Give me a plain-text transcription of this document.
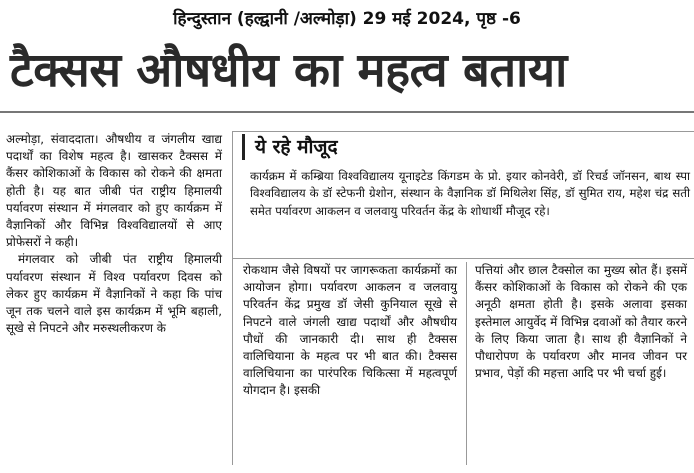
हिन्दुस्तान (हल्द्वानी /अल्मोड़ा) 29 मई 2024, पृष्ठ -6
टैक्सस औषधीय का महत्व बताया

अल्मोड़ा, संवाददाता। औषधीय व जंगलीय खाद्य पदार्थों का विशेष महत्व है। खासकर टैक्सस में कैंसर कोशिकाओं के विकास को रोकने की क्षमता होती है। यह बात जीबी पंत राष्ट्रीय हिमालयी पर्यावरण संस्थान में मंगलवार को हुए कार्यक्रम में वैज्ञानिकों और विभिन्न विश्वविद्यालयों से आए प्रोफेसरों ने कही।

मंगलवार को जीबी पंत राष्ट्रीय हिमालयी पर्यावरण संस्थान में विश्व पर्यावरण दिवस को लेकर हुए कार्यक्रम में वैज्ञानिकों ने कहा कि पांच जून तक चलने वाले इस कार्यक्रम में भूमि बहाली, सूखे से निपटने और मरुस्थलीकरण के

ये रहे मौजूद
कार्यक्रम में कम्ब्रिया विश्वविद्यालय यूनाइटेड किंगडम के प्रो. इयार कोनवेरी, डॉ रिचर्ड जॉनसन, बाथ स्पा विश्वविद्यालय के डॉ स्टेफनी ग्रेशोन, संस्थान के वैज्ञानिक डॉ मिथिलेश सिंह, डॉ सुमित राय, महेश चंद्र सती समेत पर्यावरण आकलन व जलवायु परिवर्तन केंद्र के शोधार्थी मौजूद रहे।

रोकथाम जैसे विषयों पर जागरूकता कार्यक्रमों का आयोजन होगा। पर्यावरण आकलन व जलवायु परिवर्तन केंद्र प्रमुख डॉ जेसी कुनियाल सूखे से निपटने वाले जंगली खाद्य पदार्थों और औषधीय पौधों की जानकारी दी। साथ ही टैक्सस वालिचियाना के महत्व पर भी बात की। टैक्सस वालिचियाना का पारंपरिक चिकित्सा में महत्वपूर्ण योगदान है। इसकी

पत्तियां और छाल टैक्सोल का मुख्य स्रोत हैं। इसमें कैंसर कोशिकाओं के विकास को रोकने की एक अनूठी क्षमता होती है। इसके अलावा इसका इस्तेमाल आयुर्वेद में विभिन्न दवाओं को तैयार करने के लिए किया जाता है। साथ ही वैज्ञानिकों ने पौधारोपण के पर्यावरण और मानव जीवन पर प्रभाव, पेड़ों की महत्ता आदि पर भी चर्चा हुई।
